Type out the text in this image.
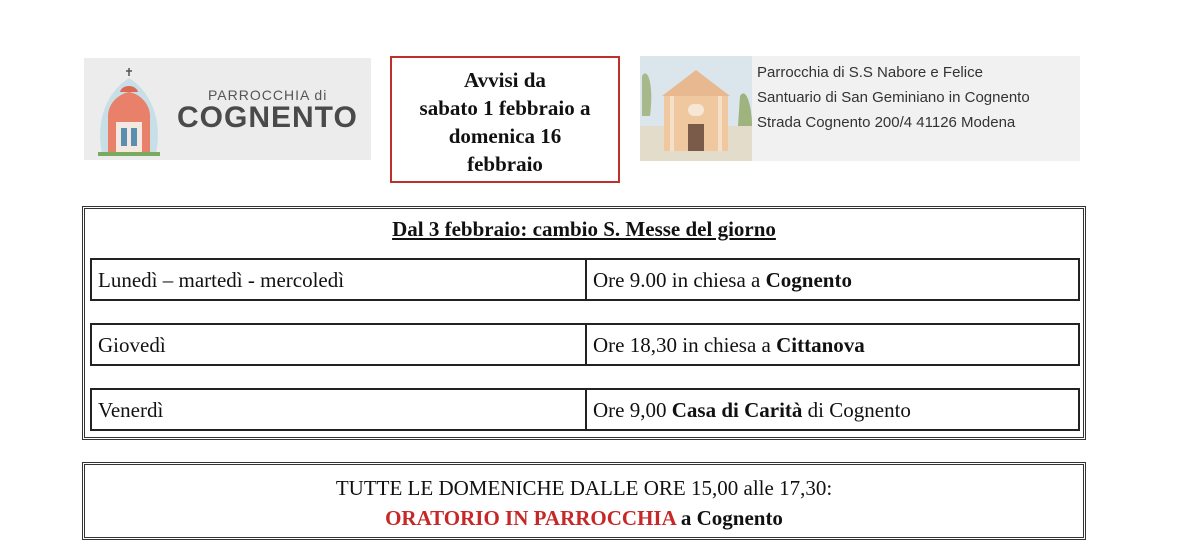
PARROCCHIA di
COGNENTO
Avvisi da
sabato 1 febbraio a
domenica 16
febbraio
Parrocchia di S.S Nabore e Felice
Santuario di San Geminiano in Cognento
Strada Cognento 200/4 41126 Modena
Dal 3 febbraio: cambio S. Messe del giorno
Lunedì – martedì - mercoledì	Ore 9.00 in chiesa a Cognento
Giovedì	Ore 18,30 in chiesa a Cittanova
Venerdì	Ore 9,00 Casa di Carità di Cognento
TUTTE LE DOMENICHE DALLE ORE 15,00 alle 17,30:
ORATORIO IN PARROCCHIA a Cognento
